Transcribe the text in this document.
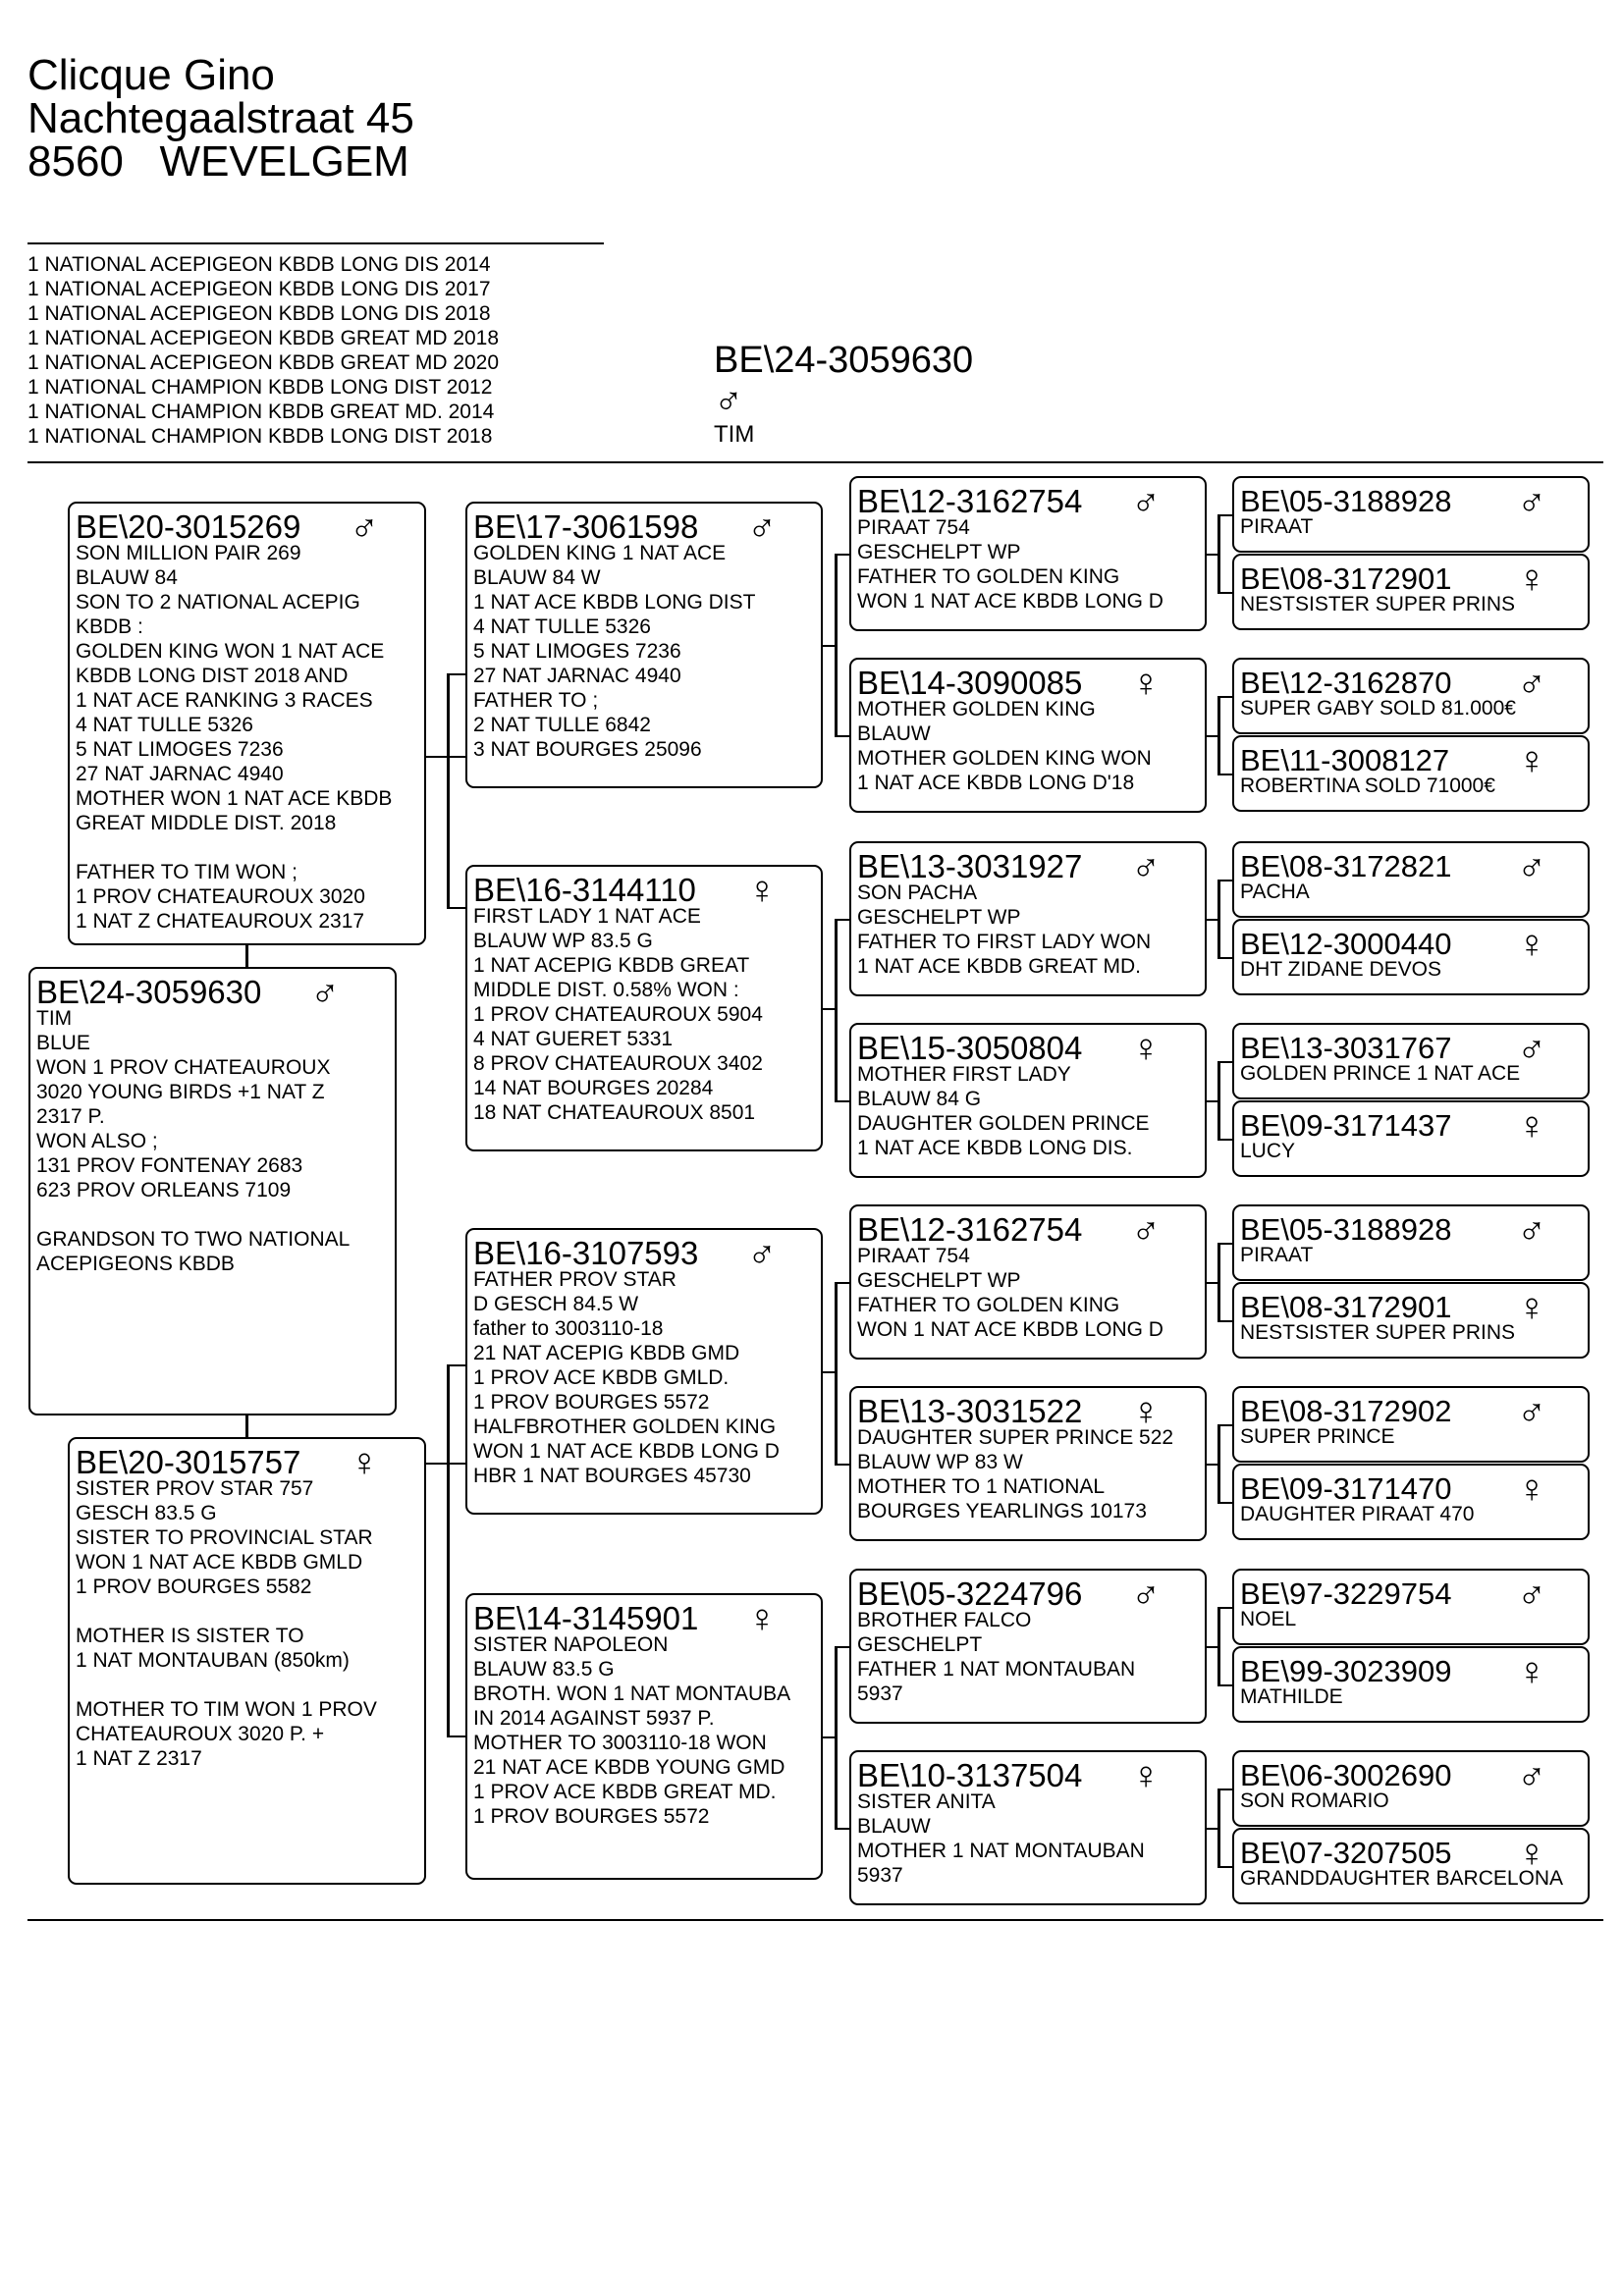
Clicque Gino
Nachtegaalstraat 45
8560   WEVELGEM
1 NATIONAL ACEPIGEON KBDB LONG DIS 2014
1 NATIONAL ACEPIGEON KBDB LONG DIS 2017
1 NATIONAL ACEPIGEON KBDB LONG DIS 2018
1 NATIONAL ACEPIGEON KBDB GREAT MD 2018
1 NATIONAL ACEPIGEON KBDB GREAT MD 2020
1 NATIONAL CHAMPION KBDB LONG DIST 2012
1 NATIONAL CHAMPION KBDB GREAT MD. 2014
1 NATIONAL CHAMPION KBDB LONG DIST 2018
BE\24-3059630
♂
TIM
BE\20-3015269 ♂
SON MILLION PAIR 269
BLAUW 84
SON TO 2 NATIONAL ACEPIG
KBDB :
GOLDEN KING WON 1 NAT ACE
KBDB LONG DIST 2018 AND
1 NAT ACE RANKING 3 RACES
4 NAT TULLE 5326
5 NAT LIMOGES 7236
27 NAT JARNAC 4940
MOTHER WON 1 NAT ACE KBDB
GREAT MIDDLE DIST. 2018
FATHER TO TIM WON ;
1 PROV CHATEAUROUX 3020
1 NAT Z CHATEAUROUX 2317
BE\24-3059630 ♂
TIM
BLUE
WON 1 PROV CHATEAUROUX
3020 YOUNG BIRDS +1 NAT Z
2317 P.
WON ALSO ;
131 PROV FONTENAY 2683
623 PROV ORLEANS 7109
GRANDSON TO TWO NATIONAL
ACEPIGEONS KBDB
BE\20-3015757 ♀
SISTER PROV STAR 757
GESCH 83.5 G
SISTER TO PROVINCIAL STAR
WON 1 NAT ACE KBDB GMLD
1 PROV BOURGES 5582
MOTHER IS SISTER TO
1 NAT MONTAUBAN (850km)
MOTHER TO TIM WON 1 PROV
CHATEAUROUX 3020 P. +
1 NAT Z 2317
BE\17-3061598 ♂
GOLDEN KING 1 NAT ACE
BLAUW 84 W
1 NAT ACE KBDB LONG DIST
4 NAT TULLE 5326
5 NAT LIMOGES 7236
27 NAT JARNAC 4940
FATHER TO ;
2 NAT TULLE 6842
3 NAT BOURGES 25096
BE\16-3144110 ♀
FIRST LADY 1 NAT ACE
BLAUW WP 83.5 G
1 NAT ACEPIG KBDB GREAT
MIDDLE DIST. 0.58% WON :
1 PROV CHATEAUROUX 5904
4 NAT GUERET 5331
8 PROV CHATEAUROUX 3402
14 NAT BOURGES 20284
18 NAT CHATEAUROUX 8501
BE\16-3107593 ♂
FATHER PROV STAR
D GESCH 84.5 W
father to 3003110-18
21 NAT ACEPIG KBDB GMD
1 PROV ACE KBDB GMLD.
1 PROV BOURGES 5572
HALFBROTHER GOLDEN KING
WON 1 NAT ACE KBDB LONG D
HBR 1 NAT BOURGES 45730
BE\14-3145901 ♀
SISTER NAPOLEON
BLAUW 83.5 G
BROTH. WON 1 NAT MONTAUBA
IN 2014 AGAINST 5937 P.
MOTHER TO 3003110-18 WON
21 NAT ACE KBDB YOUNG GMD
1 PROV ACE KBDB GREAT MD.
1 PROV BOURGES 5572
BE\12-3162754 ♂
PIRAAT 754
GESCHELPT WP
FATHER TO GOLDEN KING
WON 1 NAT ACE KBDB LONG D
BE\14-3090085 ♀
MOTHER GOLDEN KING
BLAUW
MOTHER GOLDEN KING WON
1 NAT ACE KBDB LONG D'18
BE\13-3031927 ♂
SON PACHA
GESCHELPT WP
FATHER TO FIRST LADY WON
1 NAT ACE KBDB GREAT MD.
BE\15-3050804 ♀
MOTHER FIRST LADY
BLAUW 84 G
DAUGHTER GOLDEN PRINCE
1 NAT ACE KBDB LONG DIS.
BE\12-3162754 ♂
PIRAAT 754
GESCHELPT WP
FATHER TO GOLDEN KING
WON 1 NAT ACE KBDB LONG D
BE\13-3031522 ♀
DAUGHTER SUPER PRINCE 522
BLAUW WP 83 W
MOTHER TO 1 NATIONAL
BOURGES YEARLINGS 10173
BE\05-3224796 ♂
BROTHER FALCO
GESCHELPT
FATHER 1 NAT MONTAUBAN
5937
BE\10-3137504 ♀
SISTER ANITA
BLAUW
MOTHER 1 NAT MONTAUBAN
5937
BE\05-3188928 ♂
PIRAAT
BE\08-3172901 ♀
NESTSISTER SUPER PRINS
BE\12-3162870 ♂
SUPER GABY SOLD 81.000€
BE\11-3008127 ♀
ROBERTINA SOLD 71000€
BE\08-3172821 ♂
PACHA
BE\12-3000440 ♀
DHT ZIDANE DEVOS
BE\13-3031767 ♂
GOLDEN PRINCE 1 NAT ACE
BE\09-3171437 ♀
LUCY
BE\05-3188928 ♂
PIRAAT
BE\08-3172901 ♀
NESTSISTER SUPER PRINS
BE\08-3172902 ♂
SUPER PRINCE
BE\09-3171470 ♀
DAUGHTER PIRAAT 470
BE\97-3229754 ♂
NOEL
BE\99-3023909 ♀
MATHILDE
BE\06-3002690 ♂
SON ROMARIO
BE\07-3207505 ♀
GRANDDAUGHTER BARCELONA
